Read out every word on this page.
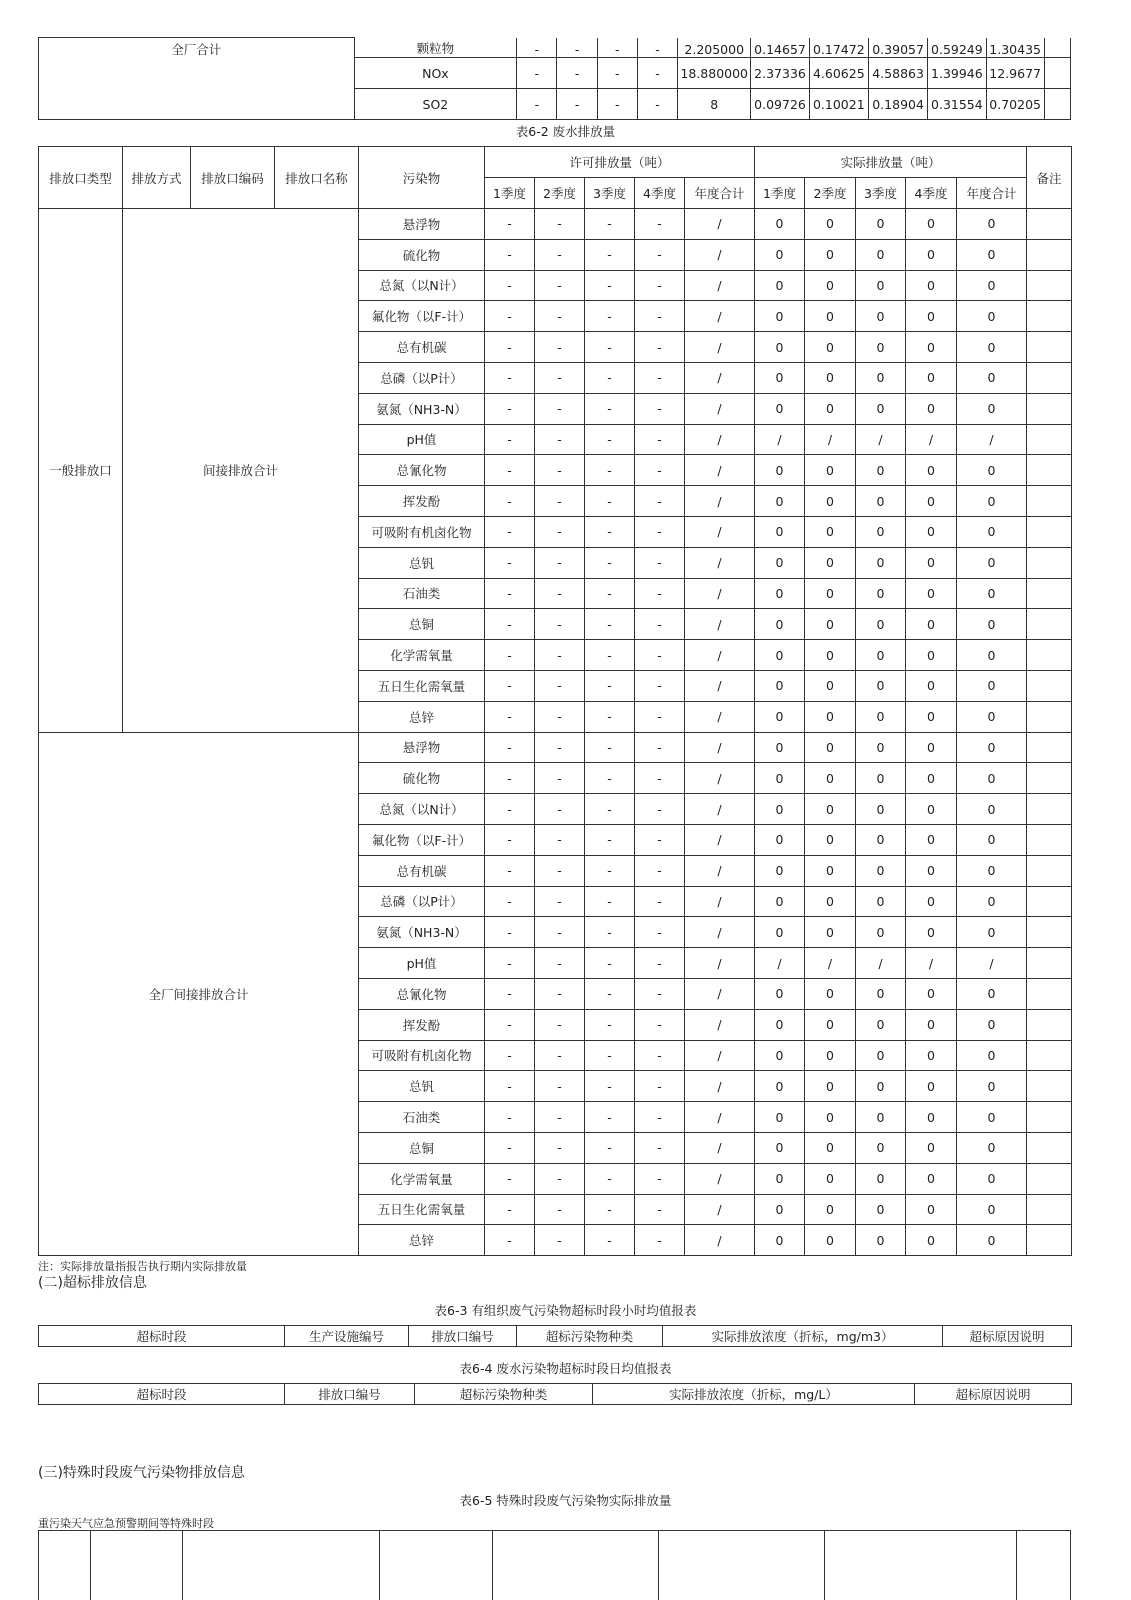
全厂合计	颗粒物	-	-	-	-	2.205000	0.14657	0.17472	0.39057	0.59249	1.30435	
	NOx	-	-	-	-	18.880000	2.37336	4.60625	4.58863	1.39946	12.9677	
	SO2	-	-	-	-	8	0.09726	0.10021	0.18904	0.31554	0.70205	
表6-2 废水排放量
排放口类型	排放方式	排放口编码	排放口名称	污染物	许可排放量（吨）					实际排放量（吨）					备注
					1季度	2季度	3季度	4季度	年度合计	1季度	2季度	3季度	4季度	年度合计	
一般排放口	间接排放合计			悬浮物	-	-	-	-	/	0	0	0	0	0	
				硫化物	-	-	-	-	/	0	0	0	0	0	
				总氮（以N计）	-	-	-	-	/	0	0	0	0	0	
				氟化物（以F-计）	-	-	-	-	/	0	0	0	0	0	
				总有机碳	-	-	-	-	/	0	0	0	0	0	
				总磷（以P计）	-	-	-	-	/	0	0	0	0	0	
				氨氮（NH3-N）	-	-	-	-	/	0	0	0	0	0	
				pH值	-	-	-	-	/	/	/	/	/	/	
				总氰化物	-	-	-	-	/	0	0	0	0	0	
				挥发酚	-	-	-	-	/	0	0	0	0	0	
				可吸附有机卤化物	-	-	-	-	/	0	0	0	0	0	
				总钒	-	-	-	-	/	0	0	0	0	0	
				石油类	-	-	-	-	/	0	0	0	0	0	
				总铜	-	-	-	-	/	0	0	0	0	0	
				化学需氧量	-	-	-	-	/	0	0	0	0	0	
				五日生化需氧量	-	-	-	-	/	0	0	0	0	0	
				总锌	-	-	-	-	/	0	0	0	0	0	
全厂间接排放合计				悬浮物	-	-	-	-	/	0	0	0	0	0	
				硫化物	-	-	-	-	/	0	0	0	0	0	
				总氮（以N计）	-	-	-	-	/	0	0	0	0	0	
				氟化物（以F-计）	-	-	-	-	/	0	0	0	0	0	
				总有机碳	-	-	-	-	/	0	0	0	0	0	
				总磷（以P计）	-	-	-	-	/	0	0	0	0	0	
				氨氮（NH3-N）	-	-	-	-	/	0	0	0	0	0	
				pH值	-	-	-	-	/	/	/	/	/	/	
				总氰化物	-	-	-	-	/	0	0	0	0	0	
				挥发酚	-	-	-	-	/	0	0	0	0	0	
				可吸附有机卤化物	-	-	-	-	/	0	0	0	0	0	
				总钒	-	-	-	-	/	0	0	0	0	0	
				石油类	-	-	-	-	/	0	0	0	0	0	
				总铜	-	-	-	-	/	0	0	0	0	0	
				化学需氧量	-	-	-	-	/	0	0	0	0	0	
				五日生化需氧量	-	-	-	-	/	0	0	0	0	0	
				总锌	-	-	-	-	/	0	0	0	0	0	
注：实际排放量指报告执行期内实际排放量
(二)超标排放信息
表6-3 有组织废气污染物超标时段小时均值报表
超标时段	生产设施编号	排放口编号	超标污染物种类	实际排放浓度（折标，mg/m3）	超标原因说明
表6-4 废水污染物超标时段日均值报表
超标时段	排放口编号	超标污染物种类	实际排放浓度（折标，mg/L）	超标原因说明
(三)特殊时段废气污染物排放信息
表6-5 特殊时段废气污染物实际排放量
重污染天气应急预警期间等特殊时段
